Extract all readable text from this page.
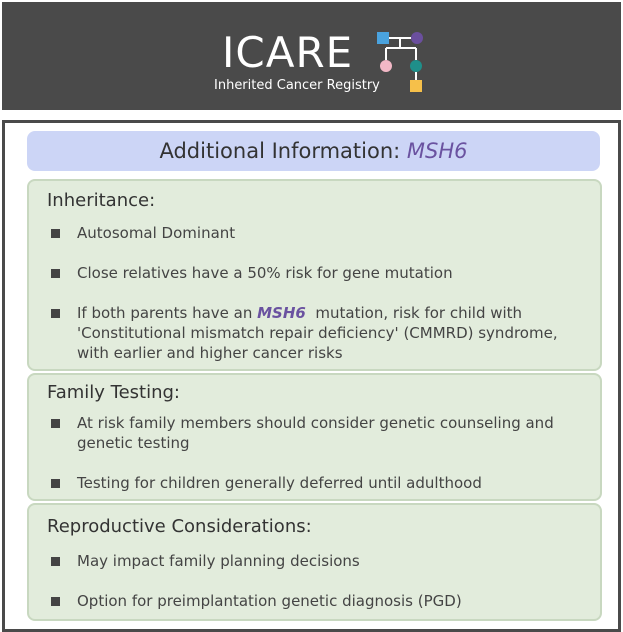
ICARE
Inherited Cancer Registry
Additional Information: MSH6
Inheritance:
Autosomal Dominant
Close relatives have a 50% risk for gene mutation
If both parents have an MSH6  mutation, risk for child with
'Constitutional mismatch repair deficiency' (CMMRD) syndrome,
with earlier and higher cancer risks
Family Testing:
At risk family members should consider genetic counseling and
genetic testing
Testing for children generally deferred until adulthood
Reproductive Considerations:
May impact family planning decisions
Option for preimplantation genetic diagnosis (PGD)
